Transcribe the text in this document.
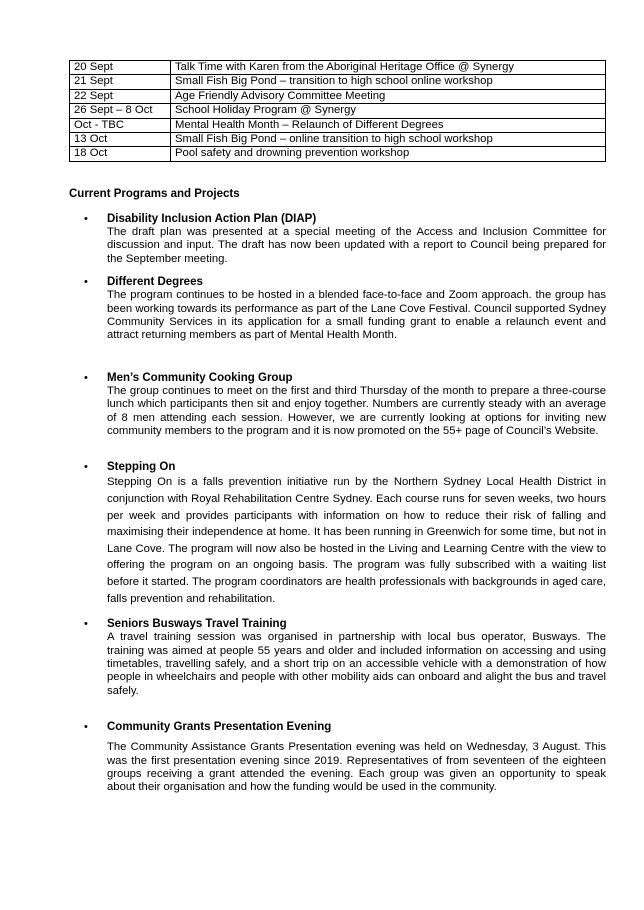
20 Sept	Talk Time with Karen from the Aboriginal Heritage Office @ Synergy
21 Sept	Small Fish Big Pond – transition to high school online workshop
22 Sept	Age Friendly Advisory Committee Meeting
26 Sept – 8 Oct	School Holiday Program @ Synergy
Oct - TBC	Mental Health Month – Relaunch of Different Degrees
13 Oct	Small Fish Big Pond – online transition to high school workshop
18 Oct	Pool safety and drowning prevention workshop
Current Programs and Projects
• Disability Inclusion Action Plan (DIAP)
The draft plan was presented at a special meeting of the Access and Inclusion Committee for discussion and input. The draft has now been updated with a report to Council being prepared for the September meeting.
• Different Degrees
The program continues to be hosted in a blended face-to-face and Zoom approach. the group has been working towards its performance as part of the Lane Cove Festival. Council supported Sydney Community Services in its application for a small funding grant to enable a relaunch event and attract returning members as part of Mental Health Month.
• Men’s Community Cooking Group
The group continues to meet on the first and third Thursday of the month to prepare a three-course lunch which participants then sit and enjoy together. Numbers are currently steady with an average of 8 men attending each session. However, we are currently looking at options for inviting new community members to the program and it is now promoted on the 55+ page of Council’s Website.
• Stepping On
Stepping On is a falls prevention initiative run by the Northern Sydney Local Health District in conjunction with Royal Rehabilitation Centre Sydney. Each course runs for seven weeks, two hours per week and provides participants with information on how to reduce their risk of falling and maximising their independence at home. It has been running in Greenwich for some time, but not in Lane Cove. The program will now also be hosted in the Living and Learning Centre with the view to offering the program on an ongoing basis. The program was fully subscribed with a waiting list before it started. The program coordinators are health professionals with backgrounds in aged care, falls prevention and rehabilitation.
• Seniors Busways Travel Training
A travel training session was organised in partnership with local bus operator, Busways. The training was aimed at people 55 years and older and included information on accessing and using timetables, travelling safely, and a short trip on an accessible vehicle with a demonstration of how people in wheelchairs and people with other mobility aids can onboard and alight the bus and travel safely.
• Community Grants Presentation Evening
The Community Assistance Grants Presentation evening was held on Wednesday, 3 August. This was the first presentation evening since 2019. Representatives of from seventeen of the eighteen groups receiving a grant attended the evening. Each group was given an opportunity to speak about their organisation and how the funding would be used in the community.
